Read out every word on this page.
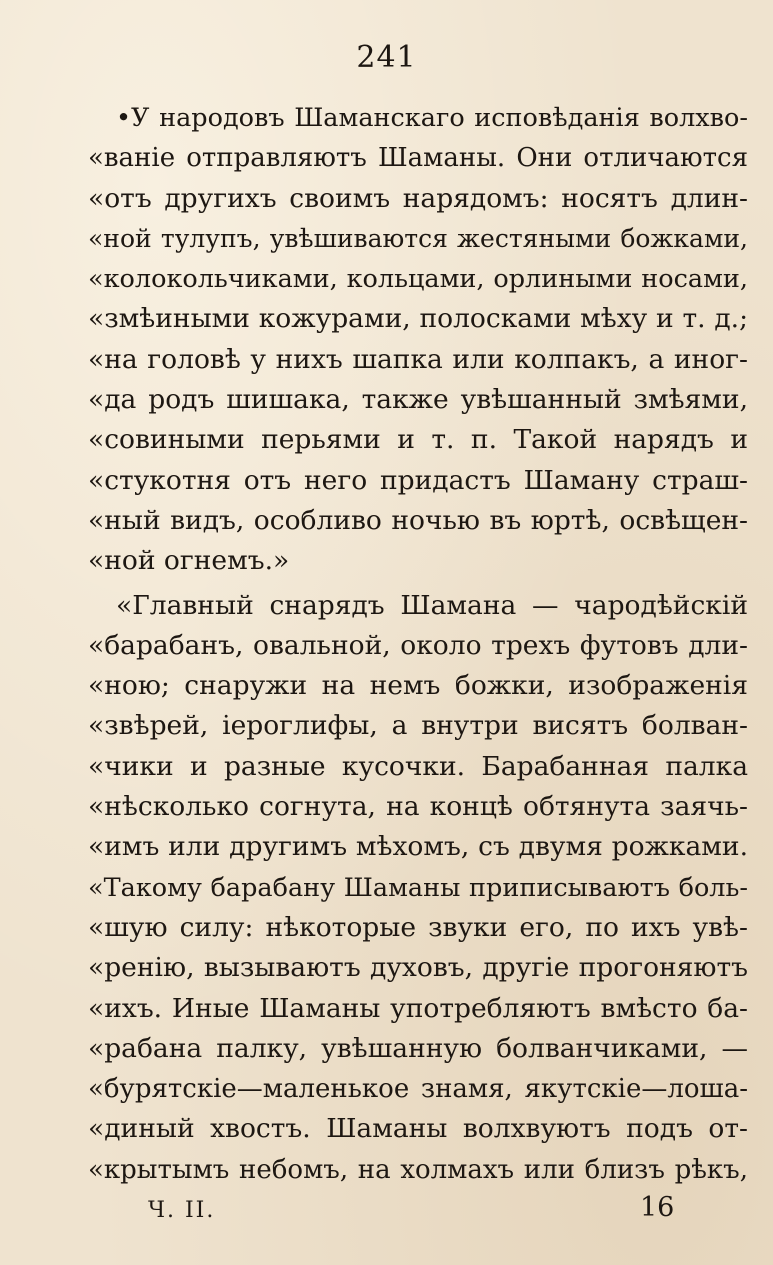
241
•У народовъ Шаманскаго исповѣданія волхво-
«ваніе отправляютъ Шаманы. Они отличаются
«отъ другихъ своимъ нарядомъ: носятъ длин-
«ной тулупъ, увѣшиваются жестяными божками,
«колокольчиками, кольцами, орлиными носами,
«змѣиными кожурами, полосками мѣху и т. д.;
«на головѣ у нихъ шапка или колпакъ, а иног-
«да родъ шишака, также увѣшанный змѣями,
«совиными перьями и т. п. Такой нарядъ и
«стукотня отъ него придастъ Шаману страш-
«ный видъ, особливо ночью въ юртѣ, освѣщен-
«ной огнемъ.»
«Главный снарядъ Шамана — чародѣйскій
«барабанъ, овальной, около трехъ футовъ дли-
«ною; снаружи на немъ божки, изображенія
«звѣрей, іероглифы, а внутри висятъ болван-
«чики и разные кусочки. Барабанная палка
«нѣсколько согнута, на концѣ обтянута заячь-
«имъ или другимъ мѣхомъ, съ двумя рожками.
«Такому барабану Шаманы приписываютъ боль-
«шую силу: нѣкоторые звуки его, по ихъ увѣ-
«ренію, вызываютъ духовъ, другіе прогоняютъ
«ихъ. Иные Шаманы употребляютъ вмѣсто ба-
«рабана палку, увѣшанную болванчиками, —
«бурятскіе—маленькое знамя, якутскіе—лоша-
«диный хвостъ. Шаманы волхвуютъ подъ от-
«крытымъ небомъ, на холмахъ или близъ рѣкъ,
Ч. II.	16
